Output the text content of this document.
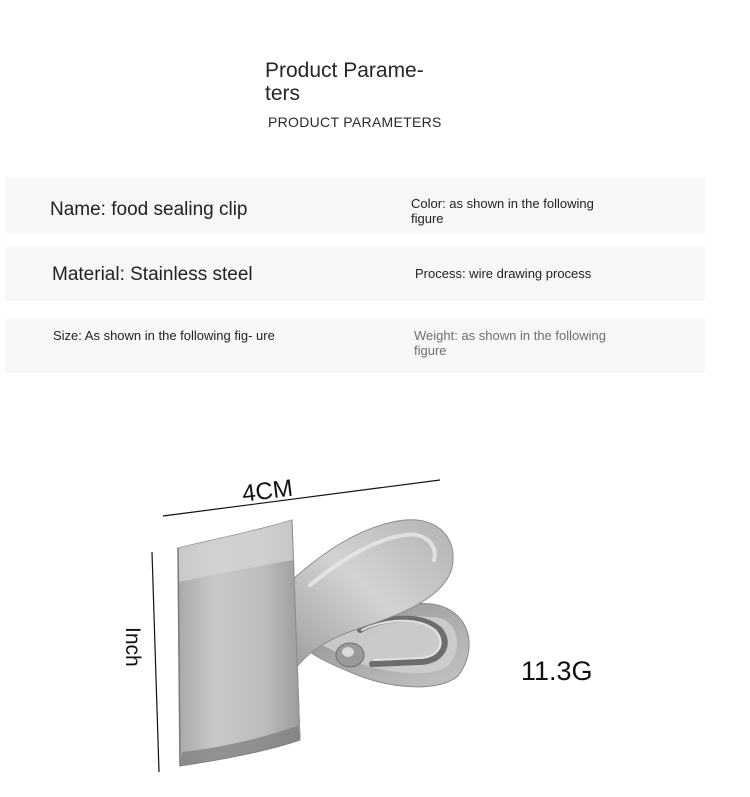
Product Parame- ters
PRODUCT PARAMETERS
Name: food sealing clip	Color: as shown in the following figure
Material: Stainless steel	Process: wire drawing process
Size: As shown in the following fig- ure	Weight: as shown in the following figure
4CM
Inch
11.3G
